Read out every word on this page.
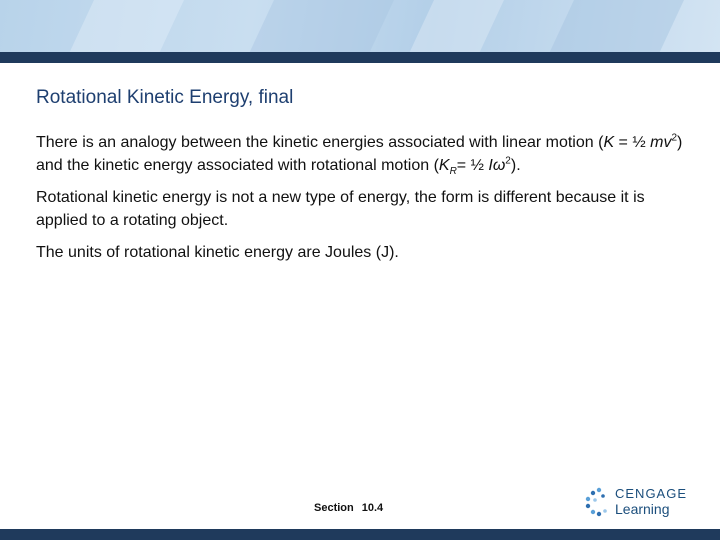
Rotational Kinetic Energy, final

There is an analogy between the kinetic energies associated with linear motion (K = ½ $mv^2$) and the kinetic energy associated with rotational motion ($K_R=$ ½ $I\omega^2$).

Rotational kinetic energy is not a new type of energy, the form is different because it is applied to a rotating object.

The units of rotational kinetic energy are Joules (J).

Section 10.4
CENGAGE
Learning
